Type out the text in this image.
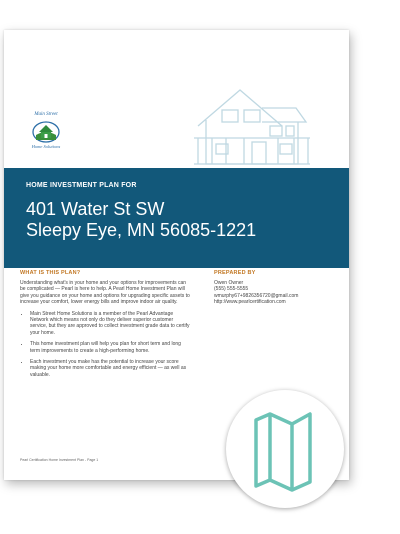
Main Street
Home Solutions
HOME INVESTMENT PLAN FOR
401 Water St SW
Sleepy Eye, MN 56085-1221
WHAT IS THIS PLAN?

Understanding what's in your home and your options for improvements can be complicated — Pearl is here to help. A Pearl Home Investment Plan will give you guidance on your home and options for upgrading specific assets to increase your comfort, lower energy bills and improve indoor air quality.

• Main Street Home Solutions is a member of the Pearl Advantage Network which means not only do they deliver superior customer service, but they are approved to collect investment grade data to certify your home.
• This home investment plan will help you plan for short term and long term improvements to create a high-performing home.
• Each investment you make has the potential to increase your score making your home more comfortable and energy efficient — as well as valuable.
PREPARED BY
Owen Owner
(555) 555-5555
wmurphy67+9826356720@gmail.com
http://www.pearlcertification.com
Pearl Certification Home Investment Plan - Page 1
